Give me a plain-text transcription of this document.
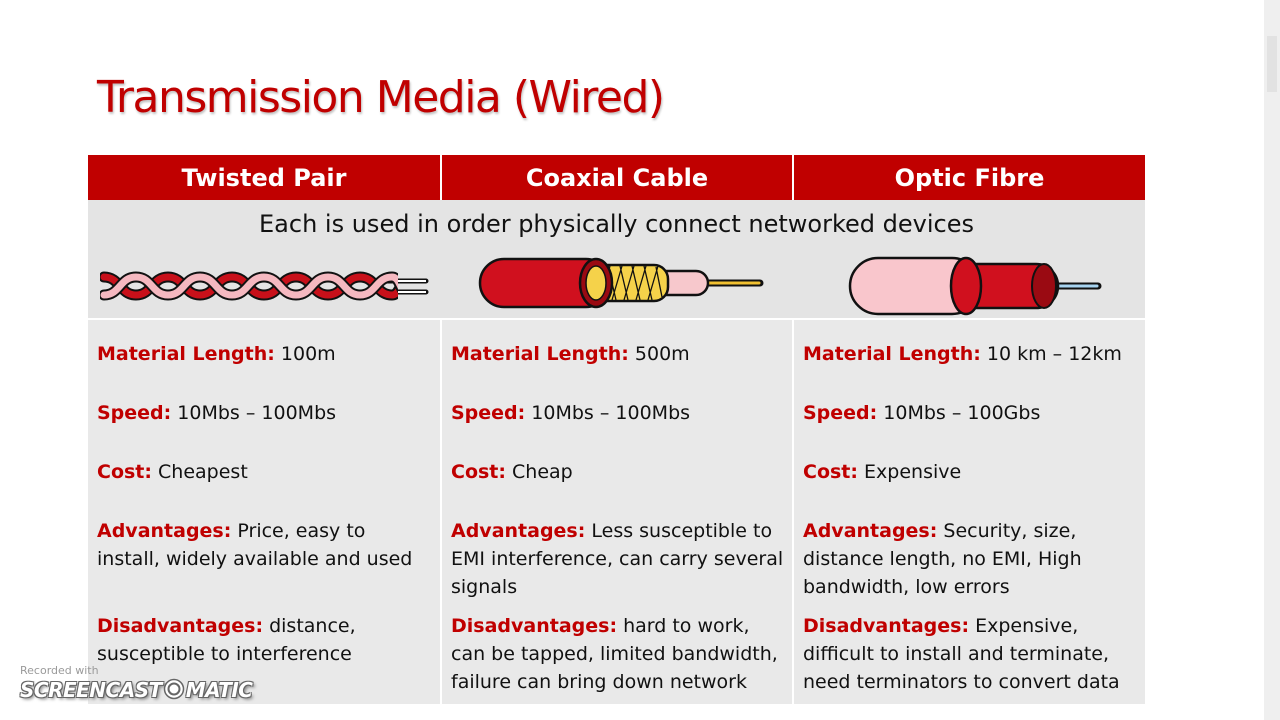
Transmission Media (Wired)
Twisted Pair	Coaxial Cable	Optic Fibre
Each is used in order physically connect networked devices
Material Length: 100m
Speed: 10Mbs – 100Mbs
Cost: Cheapest
Advantages: Price, easy to install, widely available and used
Disadvantages: distance, susceptible to interference
Material Length: 500m
Speed: 10Mbs – 100Mbs
Cost: Cheap
Advantages: Less susceptible to EMI interference, can carry several signals
Disadvantages: hard to work, can be tapped, limited bandwidth, failure can bring down network
Material Length: 10 km – 12km
Speed: 10Mbs – 100Gbs
Cost: Expensive
Advantages: Security, size, distance length, no EMI, High bandwidth, low errors
Disadvantages: Expensive, difficult to install and terminate, need terminators to convert data
Recorded with
SCREENCAST MATIC
